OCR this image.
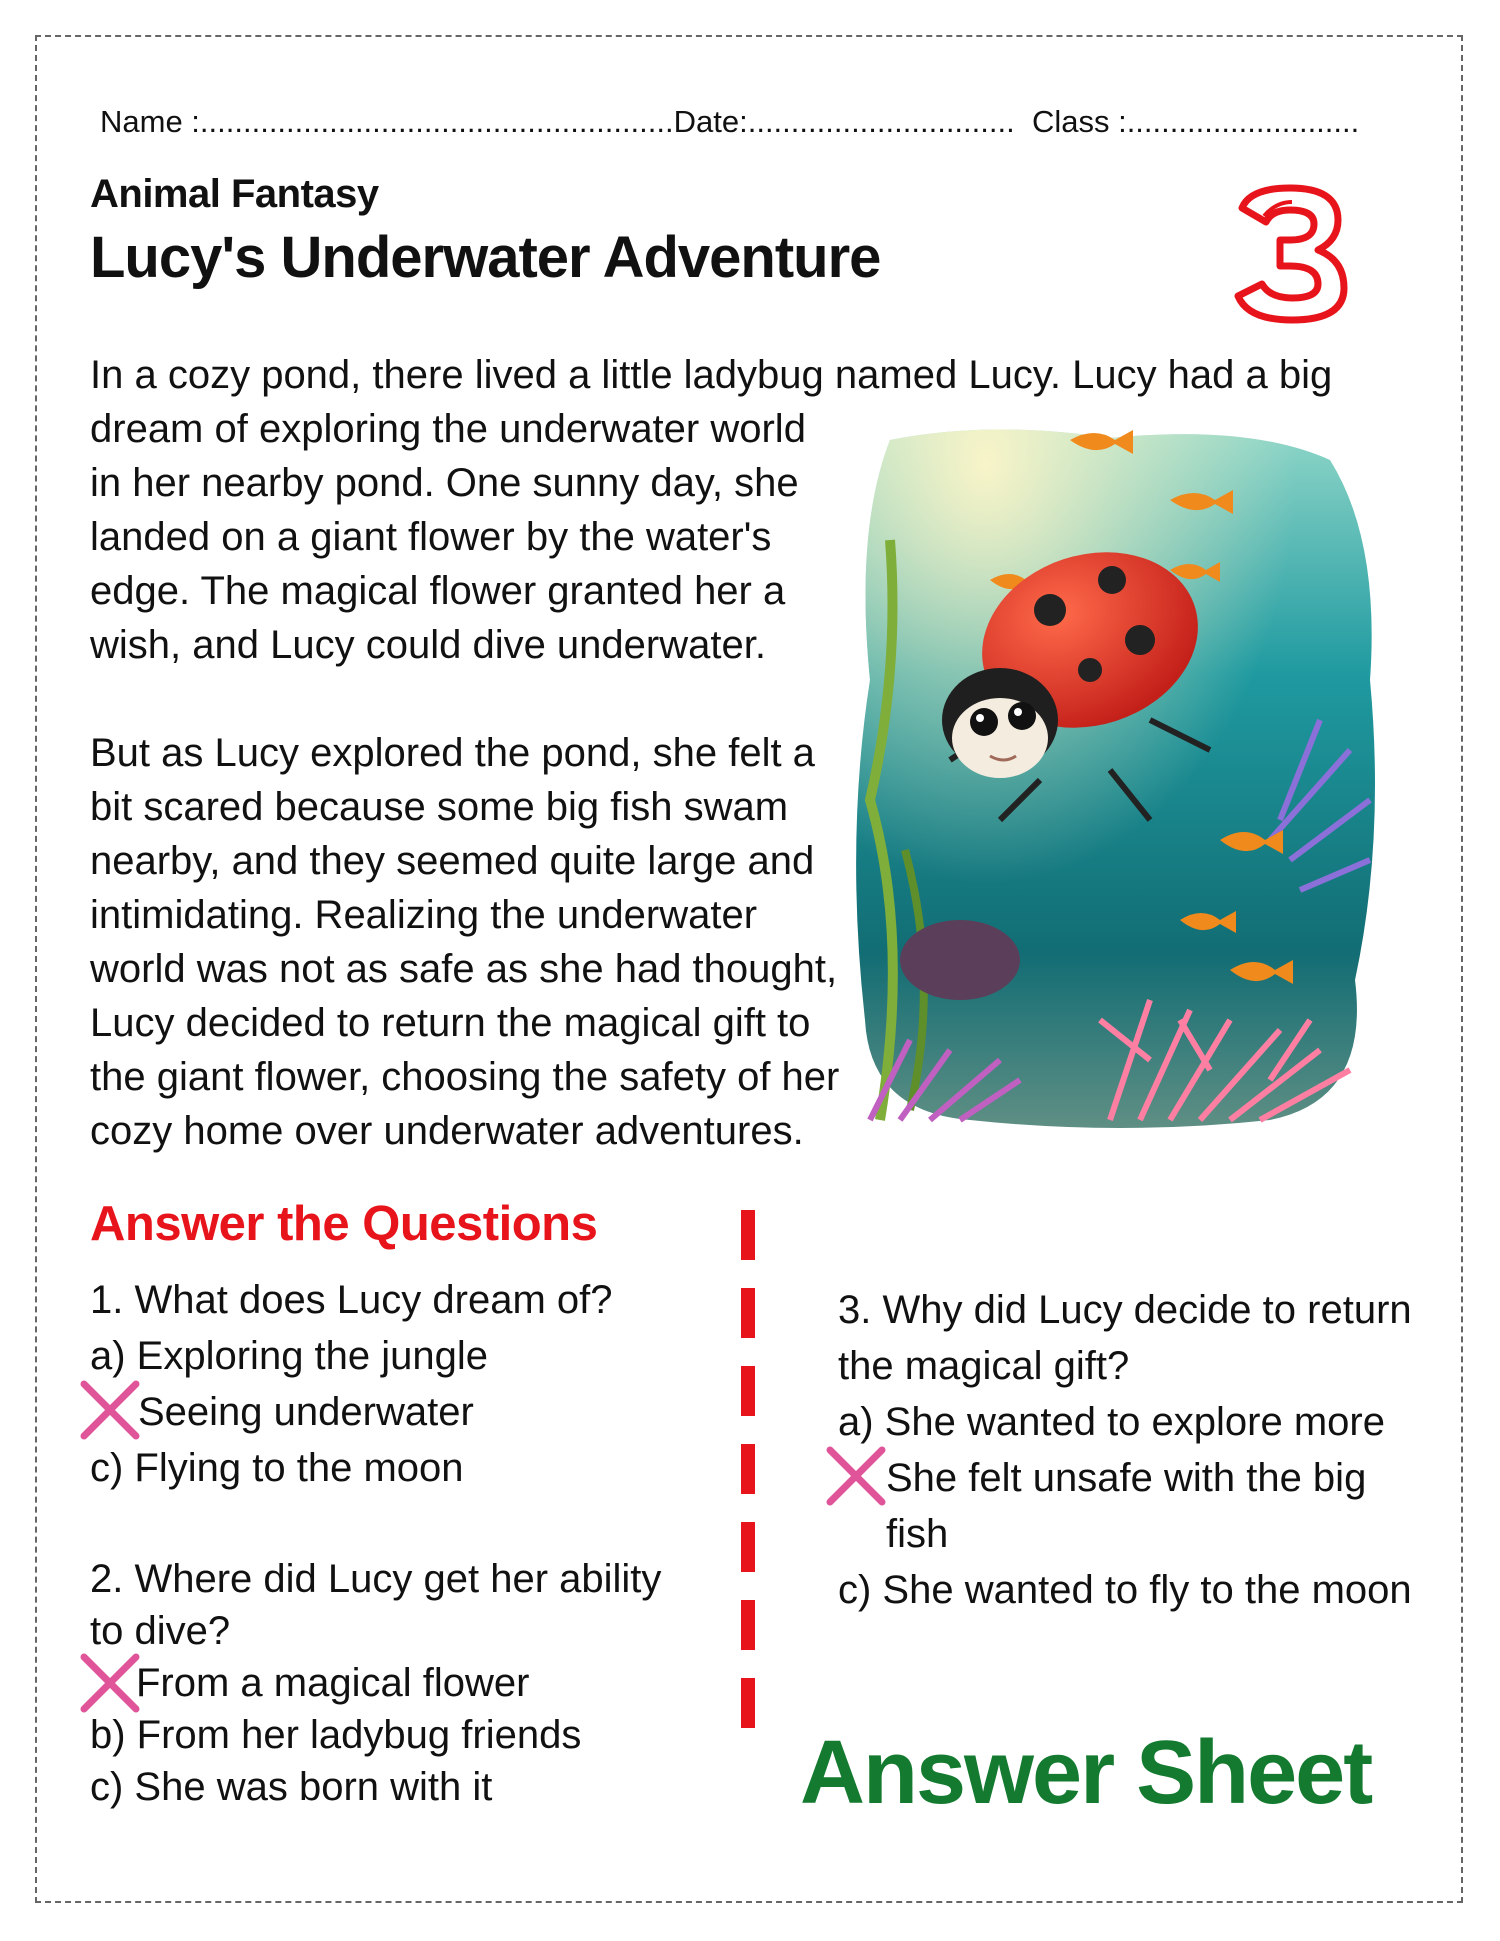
Name :.......................................................Date:............................... Class :...........................
Animal Fantasy
Lucy's Underwater Adventure

In a cozy pond, there lived a little ladybug named Lucy. Lucy had a big

dream of exploring the underwater world

in her nearby pond. One sunny day, she

landed on a giant flower by the water's

edge. The magical flower granted her a

wish, and Lucy could dive underwater.

But as Lucy explored the pond, she felt a

bit scared because some big fish swam

nearby, and they seemed quite large and

intimidating. Realizing the underwater

world was not as safe as she had thought,

Lucy decided to return the magical gift to

the giant flower, choosing the safety of her

cozy home over underwater adventures.

Answer the Questions
1. What does Lucy dream of?
a) Exploring the jungle
Seeing underwater
c) Flying to the moon
2. Where did Lucy get her ability
to dive?
From a magical flower
b) From her ladybug friends
c) She was born with it
3. Why did Lucy decide to return
the magical gift?
a) She wanted to explore more
She felt unsafe with the big
fish
c) She wanted to fly to the moon
Answer Sheet
